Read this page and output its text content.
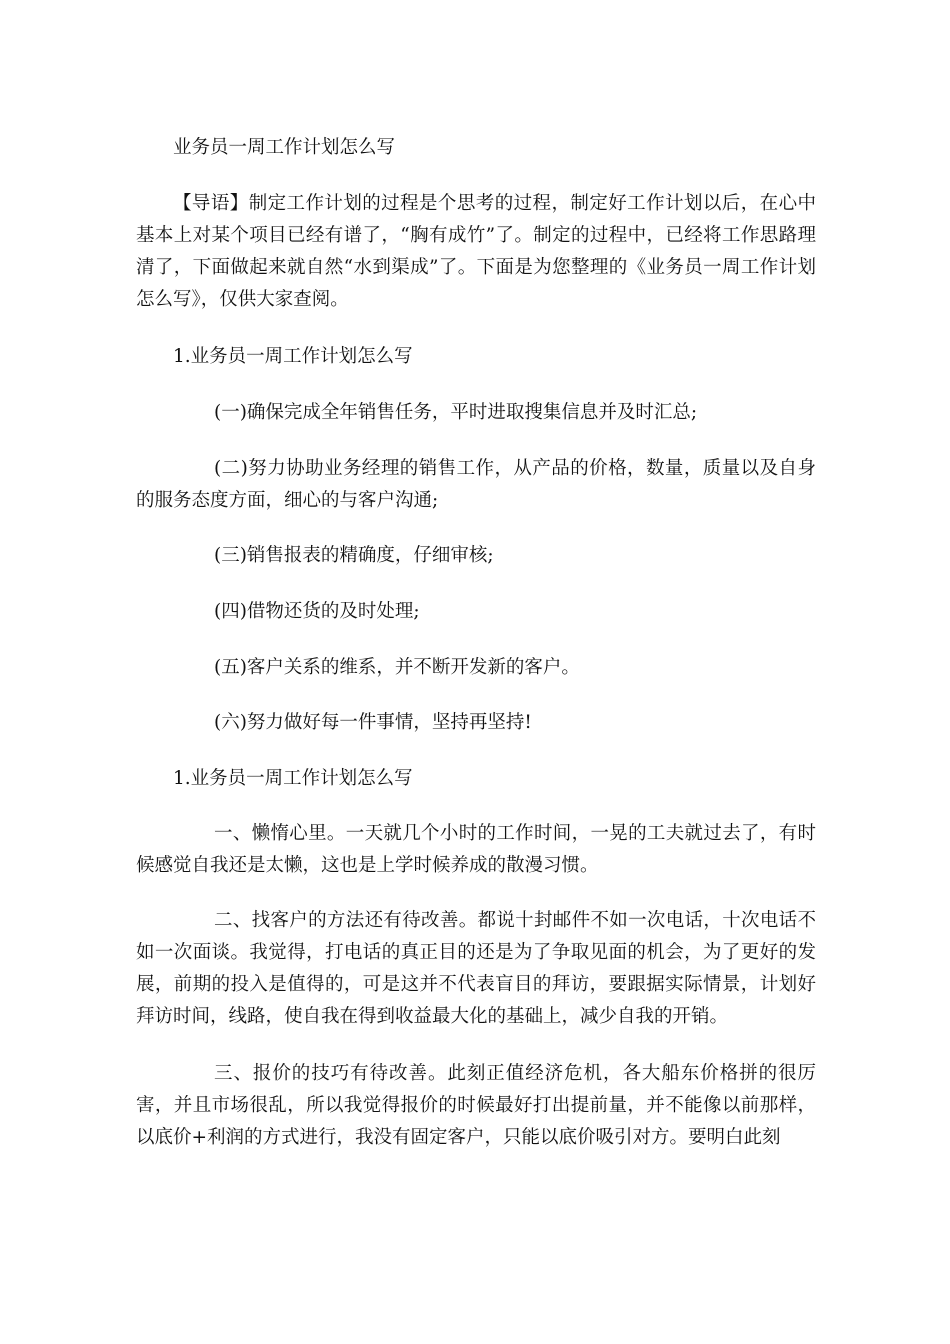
业务员一周工作计划怎么写

【导语】制定工作计划的过程是个思考的过程，制定好工作计划以后，在心中基本上对某个项目已经有谱了，“胸有成竹”了。制定的过程中，已经将工作思路理清了，下面做起来就自然“水到渠成”了。下面是为您整理的《业务员一周工作计划怎么写》，仅供大家查阅。

1.业务员一周工作计划怎么写

(一)确保完成全年销售任务，平时进取搜集信息并及时汇总;

(二)努力协助业务经理的销售工作，从产品的价格，数量，质量以及自身的服务态度方面，细心的与客户沟通;

(三)销售报表的精确度，仔细审核;

(四)借物还货的及时处理;

(五)客户关系的维系，并不断开发新的客户。

(六)努力做好每一件事情，坚持再坚持!

1.业务员一周工作计划怎么写

一、懒惰心里。一天就几个小时的工作时间，一晃的工夫就过去了，有时候感觉自我还是太懒，这也是上学时候养成的散漫习惯。

二、找客户的方法还有待改善。都说十封邮件不如一次电话，十次电话不如一次面谈。我觉得，打电话的真正目的还是为了争取见面的机会，为了更好的发展，前期的投入是值得的，可是这并不代表盲目的拜访，要跟据实际情景，计划好拜访时间，线路，使自我在得到收益最大化的基础上，减少自我的开销。

三、报价的技巧有待改善。此刻正值经济危机，各大船东价格拼的很厉害，并且市场很乱，所以我觉得报价的时候最好打出提前量，并不能像以前那样，以底价+利润的方式进行，我没有固定客户，只能以底价吸引对方。要明白此刻
